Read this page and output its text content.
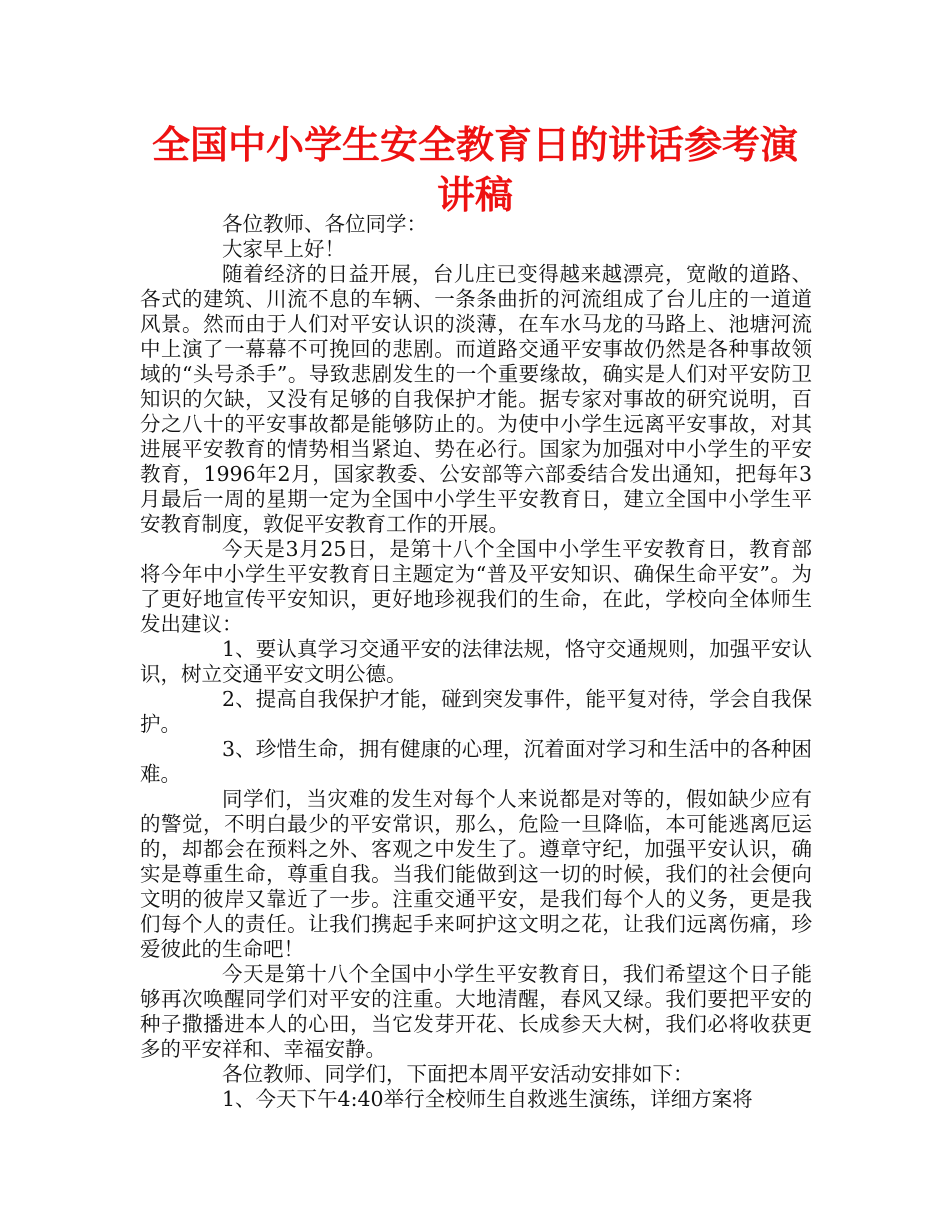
全国中小学生安全教育日的讲话参考演讲稿

各位教师、各位同学：

大家早上好！

随着经济的日益开展，台儿庄已变得越来越漂亮，宽敞的道路、各式的建筑、川流不息的车辆、一条条曲折的河流组成了台儿庄的一道道风景。然而由于人们对平安认识的淡薄，在车水马龙的马路上、池塘河流中上演了一幕幕不可挽回的悲剧。而道路交通平安事故仍然是各种事故领域的“头号杀手”。导致悲剧发生的一个重要缘故，确实是人们对平安防卫知识的欠缺，又没有足够的自我保护才能。据专家对事故的研究说明，百分之八十的平安事故都是能够防止的。为使中小学生远离平安事故，对其进展平安教育的情势相当紧迫、势在必行。国家为加强对中小学生的平安教育，1996年2月，国家教委、公安部等六部委结合发出通知，把每年3月最后一周的星期一定为全国中小学生平安教育日，建立全国中小学生平安教育制度，敦促平安教育工作的开展。

今天是3月25日，是第十八个全国中小学生平安教育日，教育部将今年中小学生平安教育日主题定为“普及平安知识、确保生命平安”。为了更好地宣传平安知识，更好地珍视我们的生命，在此，学校向全体师生发出建议：

1、要认真学习交通平安的法律法规，恪守交通规则，加强平安认识，树立交通平安文明公德。

2、提高自我保护才能，碰到突发事件，能平复对待，学会自我保护。

3、珍惜生命，拥有健康的心理，沉着面对学习和生活中的各种困难。

同学们，当灾难的发生对每个人来说都是对等的，假如缺少应有的警觉，不明白最少的平安常识，那么，危险一旦降临，本可能逃离厄运的，却都会在预料之外、客观之中发生了。遵章守纪，加强平安认识，确实是尊重生命，尊重自我。当我们能做到这一切的时候，我们的社会便向文明的彼岸又靠近了一步。注重交通平安，是我们每个人的义务，更是我们每个人的责任。让我们携起手来呵护这文明之花，让我们远离伤痛，珍爱彼此的生命吧！

今天是第十八个全国中小学生平安教育日，我们希望这个日子能够再次唤醒同学们对平安的注重。大地清醒，春风又绿。我们要把平安的种子撒播进本人的心田，当它发芽开花、长成参天大树，我们必将收获更多的平安祥和、幸福安静。

各位教师、同学们，下面把本周平安活动安排如下：

1、今天下午4:40举行全校师生自救逃生演练，详细方案将
